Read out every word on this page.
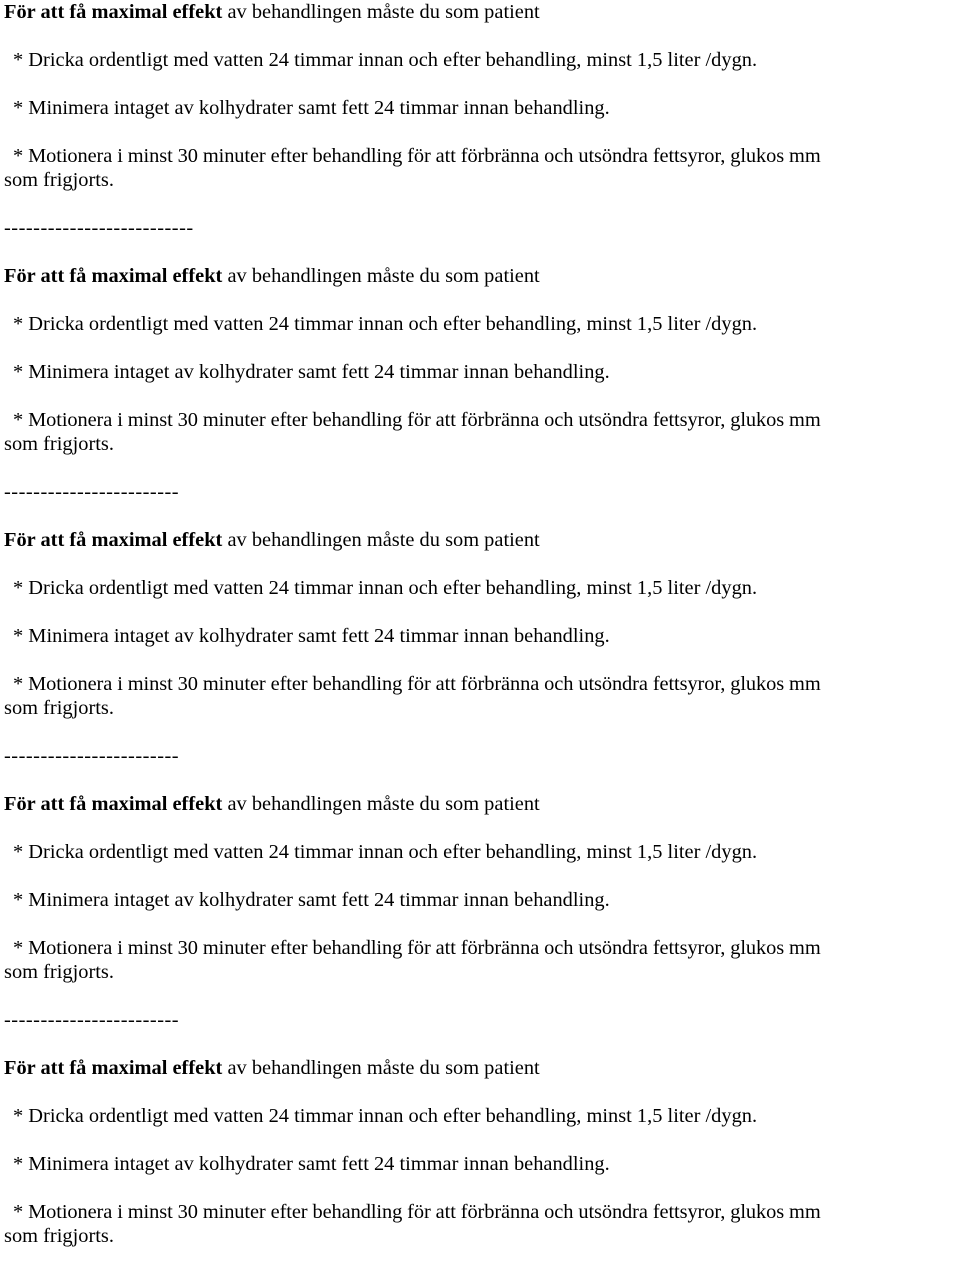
För att få maximal effekt av behandlingen måste du som patient

* Dricka ordentligt med vatten 24 timmar innan och efter behandling, minst 1,5 liter /dygn.

* Minimera intaget av kolhydrater samt fett 24 timmar innan behandling.

* Motionera i minst 30 minuter efter behandling för att förbränna och utsöndra fettsyror, glukos mm

som frigjorts.

--------------------------

För att få maximal effekt av behandlingen måste du som patient

* Dricka ordentligt med vatten 24 timmar innan och efter behandling, minst 1,5 liter /dygn.

* Minimera intaget av kolhydrater samt fett 24 timmar innan behandling.

* Motionera i minst 30 minuter efter behandling för att förbränna och utsöndra fettsyror, glukos mm

som frigjorts.

------------------------

För att få maximal effekt av behandlingen måste du som patient

* Dricka ordentligt med vatten 24 timmar innan och efter behandling, minst 1,5 liter /dygn.

* Minimera intaget av kolhydrater samt fett 24 timmar innan behandling.

* Motionera i minst 30 minuter efter behandling för att förbränna och utsöndra fettsyror, glukos mm

som frigjorts.

------------------------

För att få maximal effekt av behandlingen måste du som patient

* Dricka ordentligt med vatten 24 timmar innan och efter behandling, minst 1,5 liter /dygn.

* Minimera intaget av kolhydrater samt fett 24 timmar innan behandling.

* Motionera i minst 30 minuter efter behandling för att förbränna och utsöndra fettsyror, glukos mm

som frigjorts.

------------------------

För att få maximal effekt av behandlingen måste du som patient

* Dricka ordentligt med vatten 24 timmar innan och efter behandling, minst 1,5 liter /dygn.

* Minimera intaget av kolhydrater samt fett 24 timmar innan behandling.

* Motionera i minst 30 minuter efter behandling för att förbränna och utsöndra fettsyror, glukos mm

som frigjorts.
